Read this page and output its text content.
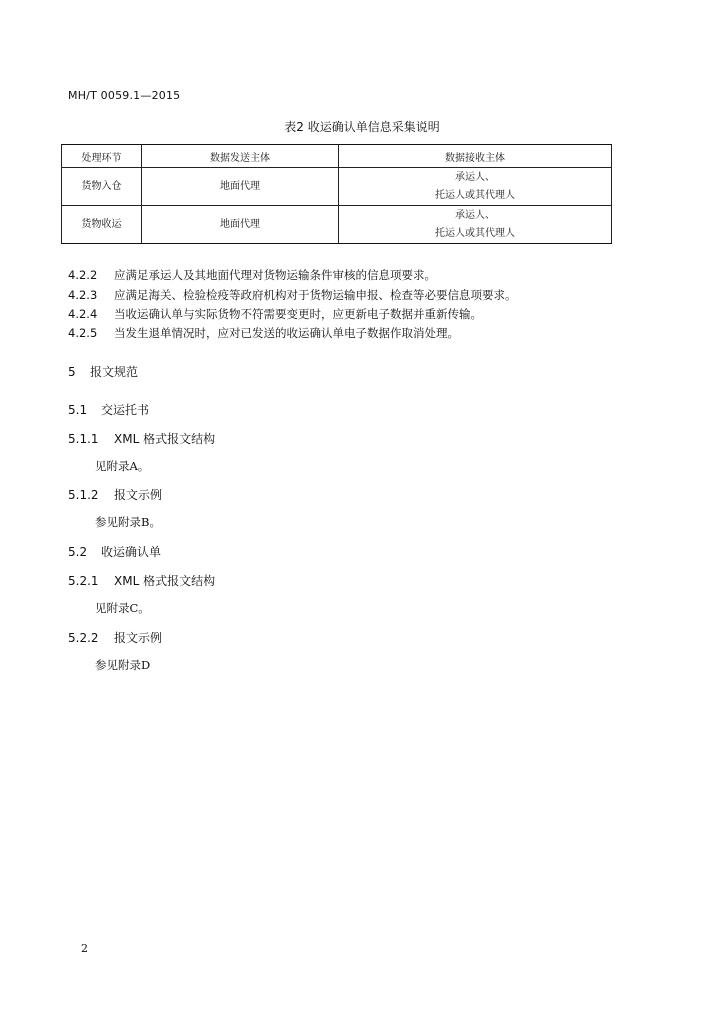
MH/T 0059.1—2015
表2 收运确认单信息采集说明
处理环节	数据发送主体	数据接收主体
货物入仓	地面代理	承运人、
托运人或其代理人
货物收运	地面代理	承运人、
托运人或其代理人
4.2.2 应满足承运人及其地面代理对货物运输条件审核的信息项要求。
4.2.3 应满足海关、检验检疫等政府机构对于货物运输申报、检查等必要信息项要求。
4.2.4 当收运确认单与实际货物不符需要变更时，应更新电子数据并重新传输。
4.2.5 当发生退单情况时，应对已发送的收运确认单电子数据作取消处理。
5 报文规范
5.1 交运托书
5.1.1 XML 格式报文结构
见附录A。
5.1.2 报文示例
参见附录B。
5.2 收运确认单
5.2.1 XML 格式报文结构
见附录C。
5.2.2 报文示例
参见附录D
2
